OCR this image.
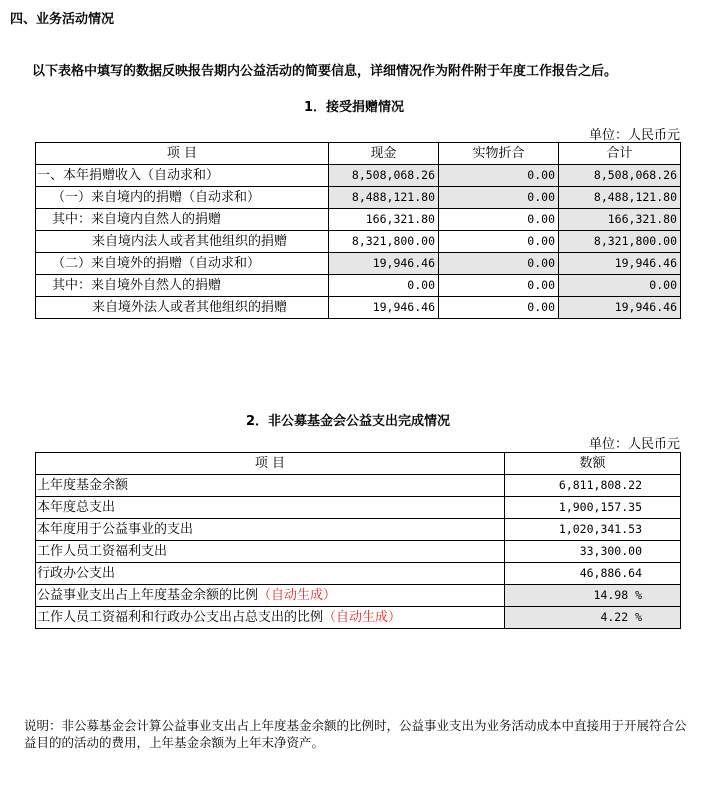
四、业务活动情况
以下表格中填写的数据反映报告期内公益活动的简要信息，详细情况作为附件附于年度工作报告之后。
1．接受捐赠情况
单位：人民币元
项 目	现金	实物折合	合计
一、本年捐赠收入（自动求和）	8,508,068.26	0.00	8,508,068.26
（一）来自境内的捐赠（自动求和）	8,488,121.80	0.00	8,488,121.80
其中：来自境内自然人的捐赠	166,321.80	0.00	166,321.80
来自境内法人或者其他组织的捐赠	8,321,800.00	0.00	8,321,800.00
（二）来自境外的捐赠（自动求和）	19,946.46	0.00	19,946.46
其中：来自境外自然人的捐赠	0.00	0.00	0.00
来自境外法人或者其他组织的捐赠	19,946.46	0.00	19,946.46
2．非公募基金会公益支出完成情况
单位：人民币元
项 目	数额
上年度基金余额	6,811,808.22
本年度总支出	1,900,157.35
本年度用于公益事业的支出	1,020,341.53
工作人员工资福利支出	33,300.00
行政办公支出	46,886.64
公益事业支出占上年度基金余额的比例（自动生成）	14.98 %
工作人员工资福利和行政办公支出占总支出的比例（自动生成）	4.22 %
说明：非公募基金会计算公益事业支出占上年度基金余额的比例时，公益事业支出为业务活动成本中直接用于开展符合公益目的的活动的费用，上年基金余额为上年末净资产。
